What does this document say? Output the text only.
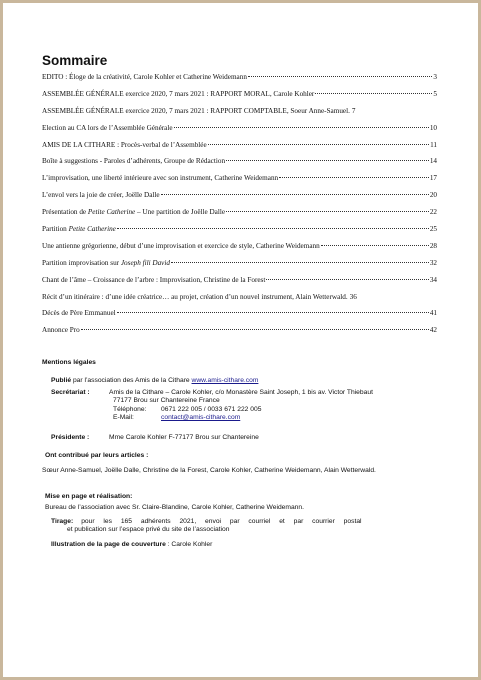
Sommaire
EDITO : Éloge de la créativité, Carole Kohler et Catherine Weidemann	3
ASSEMBLÉE GÉNÉRALE exercice 2020, 7 mars 2021 : RAPPORT MORAL, Carole Kohler	5
ASSEMBLÉE GÉNÉRALE exercice 2020, 7 mars 2021 : RAPPORT COMPTABLE, Soeur Anne-Samuel. 7
Election au CA lors de l’Assemblée Générale	10
AMIS DE LA CITHARE : Procès-verbal de l’Assemblée	11
Boîte à suggestions - Paroles d’adhérents, Groupe de Rédaction	14
L’improvisation, une liberté intérieure avec son instrument, Catherine Weidemann	17
L’envol vers la joie de créer, Joëlle Dalle	20
Présentation de Petite Catherine – Une partition de Joëlle Dalle	22
Partition Petite Catherine	25
Une antienne grégorienne, début d’une improvisation et exercice de style, Catherine Weidemann	28
Partition improvisation sur Joseph fili David	32
Chant de l’âme – Croissance de l’arbre : Improvisation, Christine de la Forest	34
Récit d’un itinéraire : d’une idée créatrice… au projet, création d’un nouvel instrument, Alain Wetterwald. 36
Décès de Père Emmanuel	41
Annonce Pro	42
Mentions légales
Publié par l’association des Amis de la Cithare www.amis-cithare.com
Secrétariat :	Amis de la Cithare – Carole Kohler, c/o Monastère Saint Joseph, 1 bis av. Victor Thiebaut
77177 Brou sur Chantereine France
Téléphone:	0671 222 005 / 0033 671 222 005
E-Mail:	contact@amis-cithare.com
Présidente :	Mme Carole Kohler F-77177 Brou sur Chantereine
Ont contribué par leurs articles :
Sœur Anne-Samuel, Joëlle Dalle, Christine de la Forest, Carole Kohler, Catherine Weidemann, Alain Wetterwald.
Mise en page et réalisation:
Bureau de l’association avec Sr. Claire-Blandine, Carole Kohler, Catherine Weidemann.
Tirage: pour les 165 adhérents 2021, envoi par courriel et par courrier postal
et publication sur l’espace privé du site de l’association
Illustration de la page de couverture : Carole Kohler
